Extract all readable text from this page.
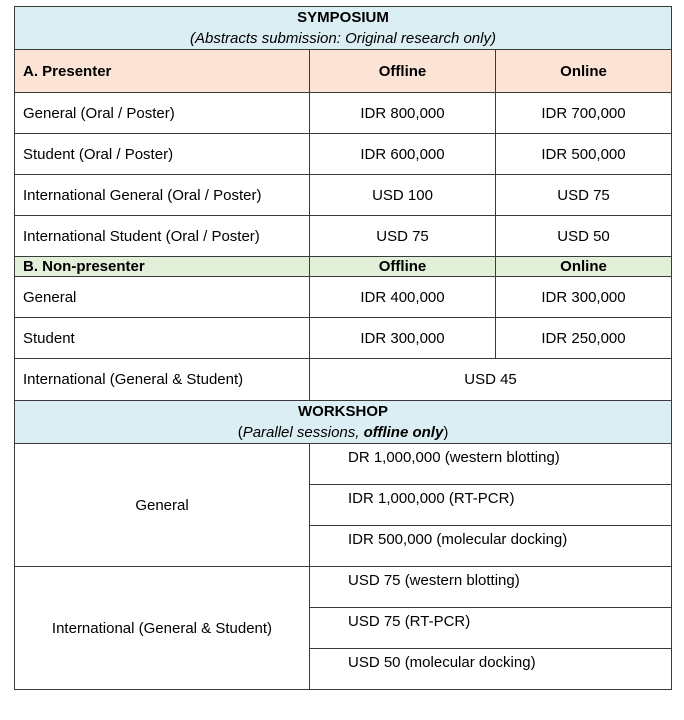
SYMPOSIUM
(Abstracts submission: Original research only)		

A. Presenter	Offline	Online
General (Oral / Poster)	IDR 800,000	IDR 700,000
Student (Oral / Poster)	IDR 600,000	IDR 500,000
International General (Oral / Poster)	USD 100	USD 75
International Student (Oral / Poster)	USD 75	USD 50
B. Non-presenter	Offline	Online
General	IDR 400,000	IDR 300,000
Student	IDR 300,000	IDR 250,000
International (General & Student)	USD 45	

WORKSHOP
(Parallel sessions, offline only)		

General	DR 1,000,000 (western blotting)	
	IDR 1,000,000 (RT-PCR)	
	IDR 500,000 (molecular docking)	
International (General & Student)	USD 75 (western blotting)	
	USD 75 (RT-PCR)	
	USD 50 (molecular docking)	
